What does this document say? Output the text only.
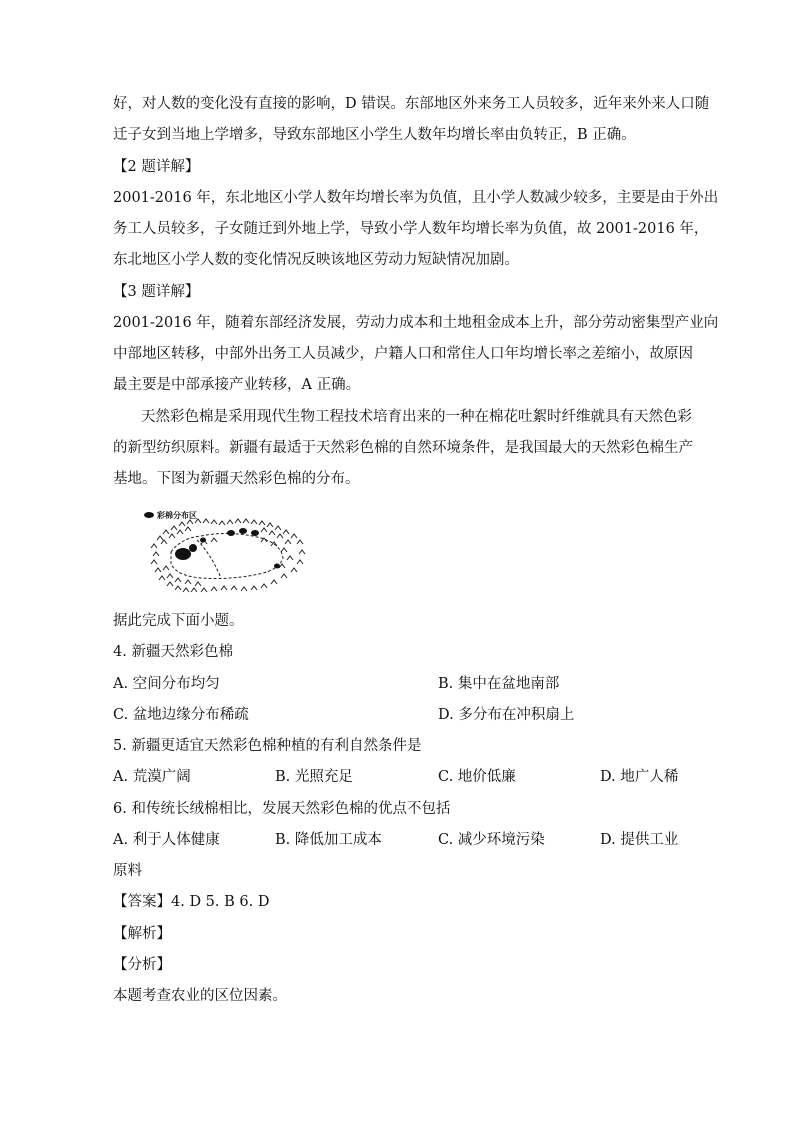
好，对人数的变化没有直接的影响，D 错误。东部地区外来务工人员较多，近年来外来人口随
迁子女到当地上学增多，导致东部地区小学生人数年均增长率由负转正，B 正确。
【2 题详解】
2001-2016 年，东北地区小学人数年均增长率为负值，且小学人数减少较多，主要是由于外出
务工人员较多，子女随迁到外地上学，导致小学人数年均增长率为负值，故 2001-2016 年，
东北地区小学人数的变化情况反映该地区劳动力短缺情况加剧。
【3 题详解】
2001-2016 年，随着东部经济发展，劳动力成本和土地租金成本上升，部分劳动密集型产业向
中部地区转移，中部外出务工人员减少，户籍人口和常住人口年均增长率之差缩小，故原因
最主要是中部承接产业转移，A 正确。
天然彩色棉是采用现代生物工程技术培育出来的一种在棉花吐絮时纤维就具有天然色彩
的新型纺织原料。新疆有最适于天然彩色棉的自然环境条件，是我国最大的天然彩色棉生产
基地。下图为新疆天然彩色棉的分布。
彩棉分布区
据此完成下面小题。
4. 新疆天然彩色棉
A. 空间分布均匀	B. 集中在盆地南部
C. 盆地边缘分布稀疏	D. 多分布在冲积扇上
5. 新疆更适宜天然彩色棉种植的有利自然条件是
A. 荒漠广阔	B. 光照充足	C. 地价低廉	D. 地广人稀
6. 和传统长绒棉相比，发展天然彩色棉的优点不包括
A. 利于人体健康	B. 降低加工成本	C. 减少环境污染	D. 提供工业
原料
【答案】4. D 5. B 6. D
【解析】
【分析】
本题考查农业的区位因素。
